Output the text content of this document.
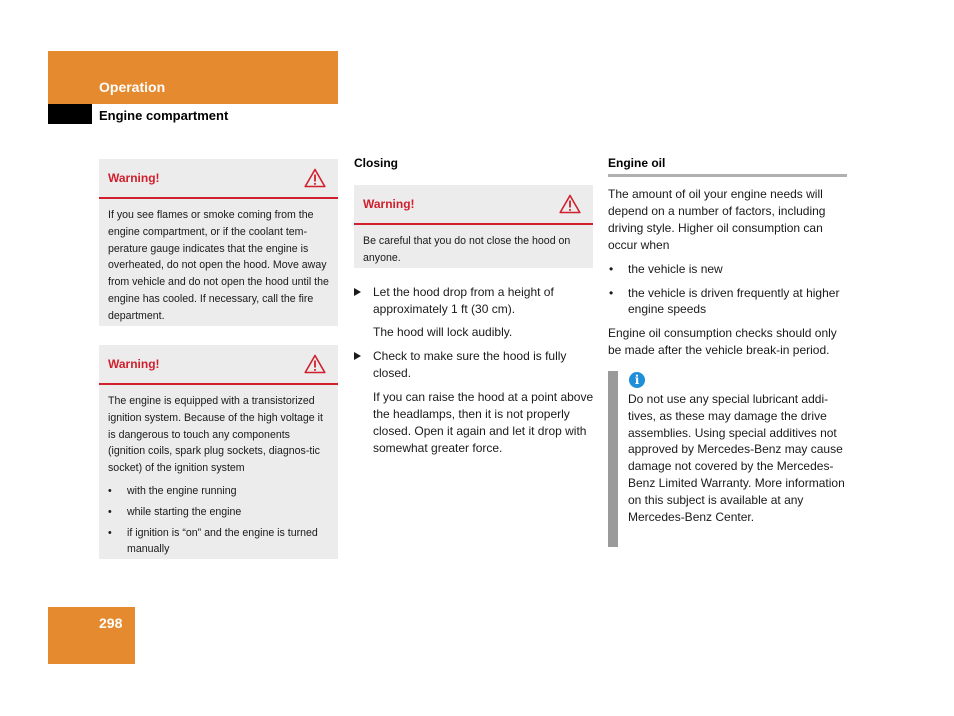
Operation
Engine compartment
Warning!
If you see flames or smoke coming from the engine compartment, or if the coolant tem-perature gauge indicates that the engine is overheated, do not open the hood. Move away from vehicle and do not open the hood until the engine has cooled. If necessary, call the fire department.
Warning!
The engine is equipped with a transistorized ignition system. Because of the high voltage it is dangerous to touch any components (ignition coils, spark plug sockets, diagnos-tic socket) of the ignition system
• with the engine running
• while starting the engine
• if ignition is “on” and the engine is turned manually
Closing
Warning!
Be careful that you do not close the hood on anyone.
Let the hood drop from a height of approximately 1 ft (30 cm).
The hood will lock audibly.
Check to make sure the hood is fully closed.
If you can raise the hood at a point above the headlamps, then it is not properly closed. Open it again and let it drop with somewhat greater force.
Engine oil
The amount of oil your engine needs will depend on a number of factors, including driving style. Higher oil consumption can occur when
• the vehicle is new
• the vehicle is driven frequently at higher engine speeds
Engine oil consumption checks should only be made after the vehicle break-in period.
i
Do not use any special lubricant addi-tives, as these may damage the drive assemblies. Using special additives not approved by Mercedes-Benz may cause damage not covered by the Mercedes-Benz Limited Warranty. More information on this subject is available at any Mercedes-Benz Center.
298
